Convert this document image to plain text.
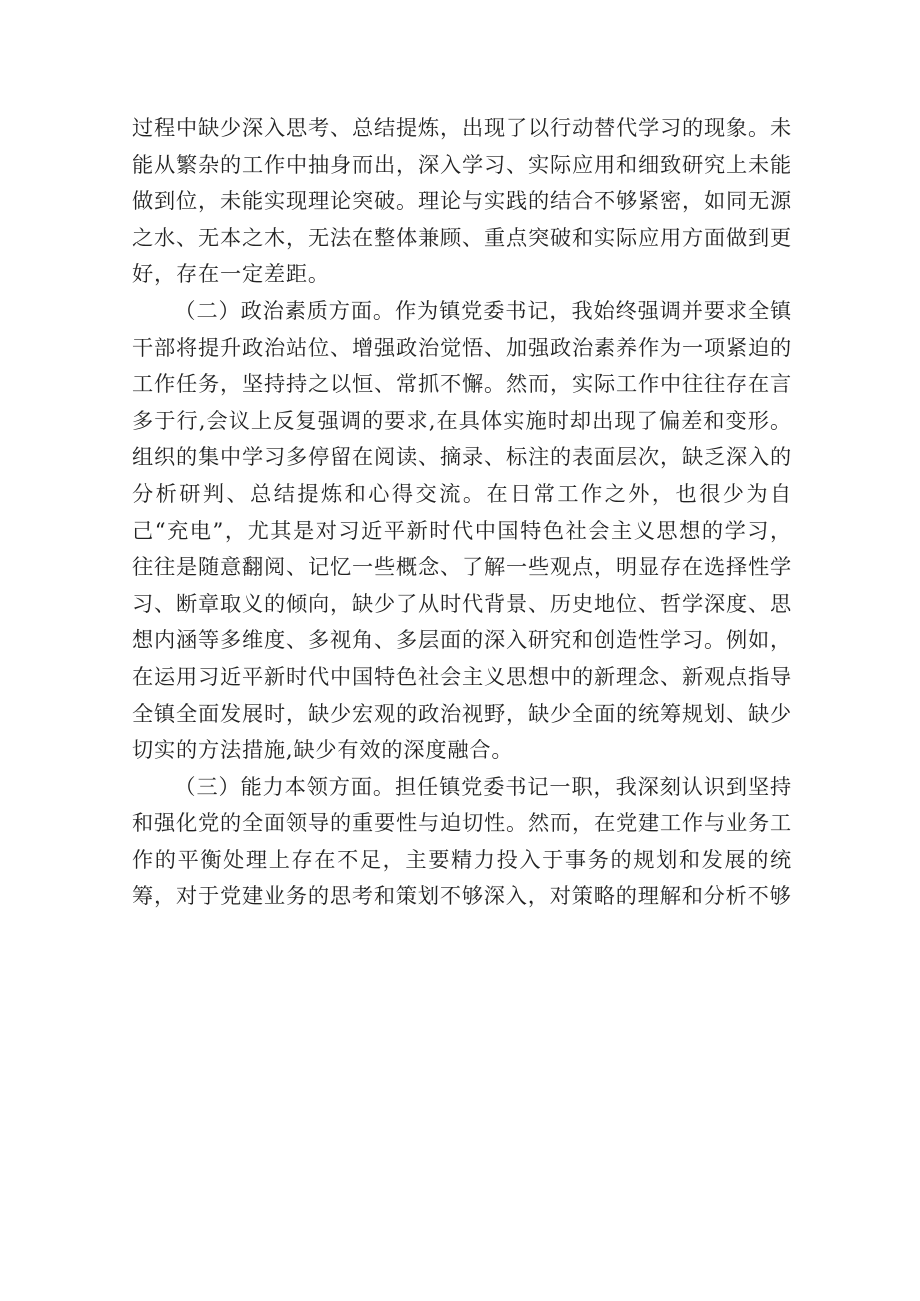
过程中缺少深入思考、总结提炼，出现了以行动替代学习的现象。未能从繁杂的工作中抽身而出，深入学习、实际应用和细致研究上未能做到位，未能实现理论突破。理论与实践的结合不够紧密，如同无源之水、无本之木，无法在整体兼顾、重点突破和实际应用方面做到更好，存在一定差距。

（二）政治素质方面。作为镇党委书记，我始终强调并要求全镇干部将提升政治站位、增强政治觉悟、加强政治素养作为一项紧迫的工作任务，坚持持之以恒、常抓不懈。然而，实际工作中往往存在言多于行,会议上反复强调的要求,在具体实施时却出现了偏差和变形。组织的集中学习多停留在阅读、摘录、标注的表面层次，缺乏深入的分析研判、总结提炼和心得交流。在日常工作之外，也很少为自己“充电”，尤其是对习近平新时代中国特色社会主义思想的学习，往往是随意翻阅、记忆一些概念、了解一些观点，明显存在选择性学习、断章取义的倾向，缺少了从时代背景、历史地位、哲学深度、思想内涵等多维度、多视角、多层面的深入研究和创造性学习。例如，在运用习近平新时代中国特色社会主义思想中的新理念、新观点指导全镇全面发展时，缺少宏观的政治视野，缺少全面的统筹规划、缺少切实的方法措施,缺少有效的深度融合。

（三）能力本领方面。担任镇党委书记一职，我深刻认识到坚持和强化党的全面领导的重要性与迫切性。然而，在党建工作与业务工作的平衡处理上存在不足，主要精力投入于事务的规划和发展的统筹，对于党建业务的思考和策划不够深入，对策略的理解和分析不够
